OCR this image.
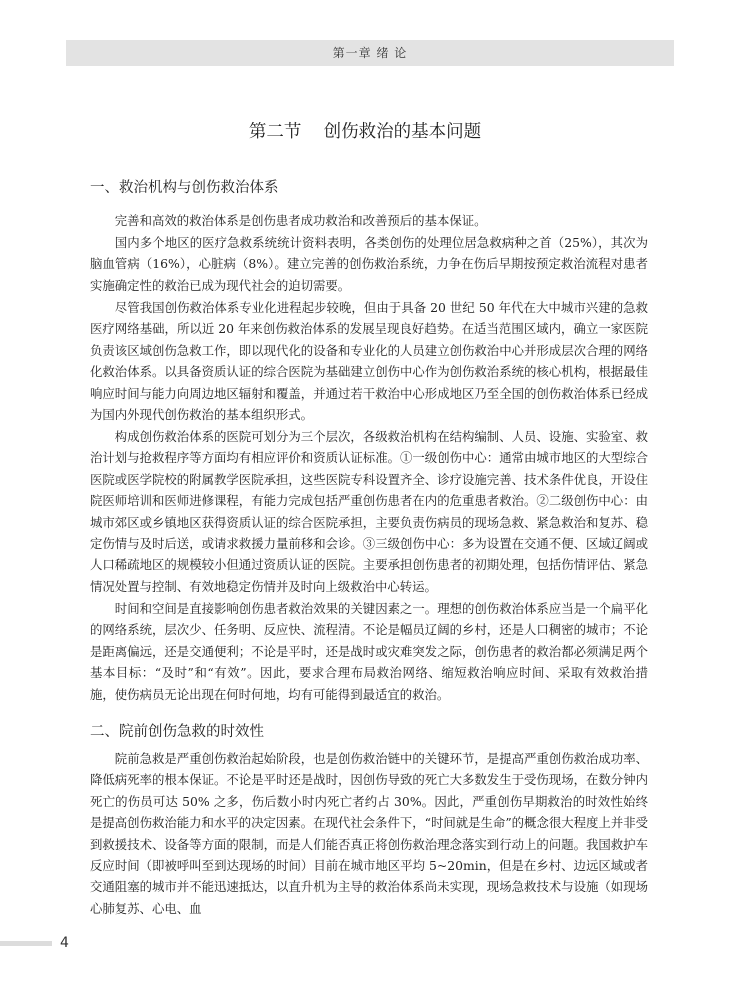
第一章 绪 论
第二节    创伤救治的基本问题
一、救治机构与创伤救治体系

完善和高效的救治体系是创伤患者成功救治和改善预后的基本保证。

国内多个地区的医疗急救系统统计资料表明，各类创伤的处理位居急救病种之首（25%），其次为脑血管病（16%），心脏病（8%）。建立完善的创伤救治系统，力争在伤后早期按预定救治流程对患者实施确定性的救治已成为现代社会的迫切需要。

尽管我国创伤救治体系专业化进程起步较晚，但由于具备 20 世纪 50 年代在大中城市兴建的急救医疗网络基础，所以近 20 年来创伤救治体系的发展呈现良好趋势。在适当范围区域内，确立一家医院负责该区域创伤急救工作，即以现代化的设备和专业化的人员建立创伤救治中心并形成层次合理的网络化救治体系。以具备资质认证的综合医院为基础建立创伤中心作为创伤救治系统的核心机构，根据最佳响应时间与能力向周边地区辐射和覆盖，并通过若干救治中心形成地区乃至全国的创伤救治体系已经成为国内外现代创伤救治的基本组织形式。

构成创伤救治体系的医院可划分为三个层次，各级救治机构在结构编制、人员、设施、实验室、救治计划与抢救程序等方面均有相应评价和资质认证标准。①一级创伤中心：通常由城市地区的大型综合医院或医学院校的附属教学医院承担，这些医院专科设置齐全、诊疗设施完善、技术条件优良，开设住院医师培训和医师进修课程，有能力完成包括严重创伤患者在内的危重患者救治。②二级创伤中心：由城市郊区或乡镇地区获得资质认证的综合医院承担，主要负责伤病员的现场急救、紧急救治和复苏、稳定伤情与及时后送，或请求救援力量前移和会诊。③三级创伤中心：多为设置在交通不便、区域辽阔或人口稀疏地区的规模较小但通过资质认证的医院。主要承担创伤患者的初期处理，包括伤情评估、紧急情况处置与控制、有效地稳定伤情并及时向上级救治中心转运。

时间和空间是直接影响创伤患者救治效果的关键因素之一。理想的创伤救治体系应当是一个扁平化的网络系统，层次少、任务明、反应快、流程清。不论是幅员辽阔的乡村，还是人口稠密的城市；不论是距离偏远，还是交通便利；不论是平时，还是战时或灾难突发之际，创伤患者的救治都必须满足两个基本目标：“及时”和“有效”。因此，要求合理布局救治网络、缩短救治响应时间、采取有效救治措施，使伤病员无论出现在何时何地，均有可能得到最适宜的救治。

二、院前创伤急救的时效性

院前急救是严重创伤救治起始阶段，也是创伤救治链中的关键环节，是提高严重创伤救治成功率、降低病死率的根本保证。不论是平时还是战时，因创伤导致的死亡大多数发生于受伤现场，在数分钟内死亡的伤员可达 50% 之多，伤后数小时内死亡者约占 30%。因此，严重创伤早期救治的时效性始终是提高创伤救治能力和水平的决定因素。在现代社会条件下，“时间就是生命”的概念很大程度上并非受到救援技术、设备等方面的限制，而是人们能否真正将创伤救治理念落实到行动上的问题。我国救护车反应时间（即被呼叫至到达现场的时间）目前在城市地区平均 5~20min，但是在乡村、边远区域或者交通阻塞的城市并不能迅速抵达，以直升机为主导的救治体系尚未实现，现场急救技术与设施（如现场心肺复苏、心电、血

4
